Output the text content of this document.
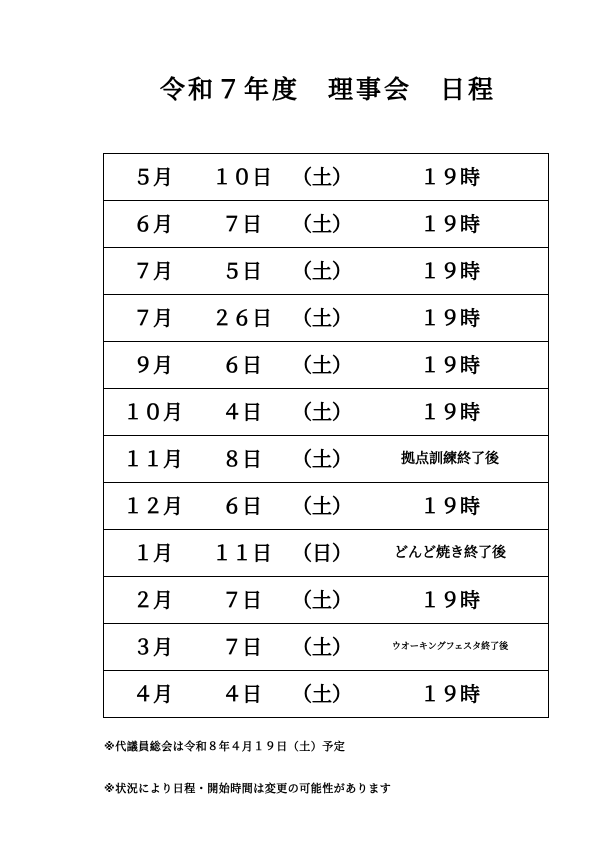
令和７年度　理事会　日程
５月	１０日	（土）	１９時

６月	７日	（土）	１９時

７月	５日	（土）	１９時

７月	２６日	（土）	１９時

９月	６日	（土）	１９時

１０月	４日	（土）	１９時

１１月	８日	（土）	拠点訓練終了後

１２月	６日	（土）	１９時

１月	１１日	（日）	どんど焼き終了後

２月	７日	（土）	１９時

３月	７日	（土）	ウオーキングフェスタ終了後

４月	４日	（土）	１９時
※代議員総会は令和８年４月１９日（土）予定
※状況により日程・開始時間は変更の可能性があります
